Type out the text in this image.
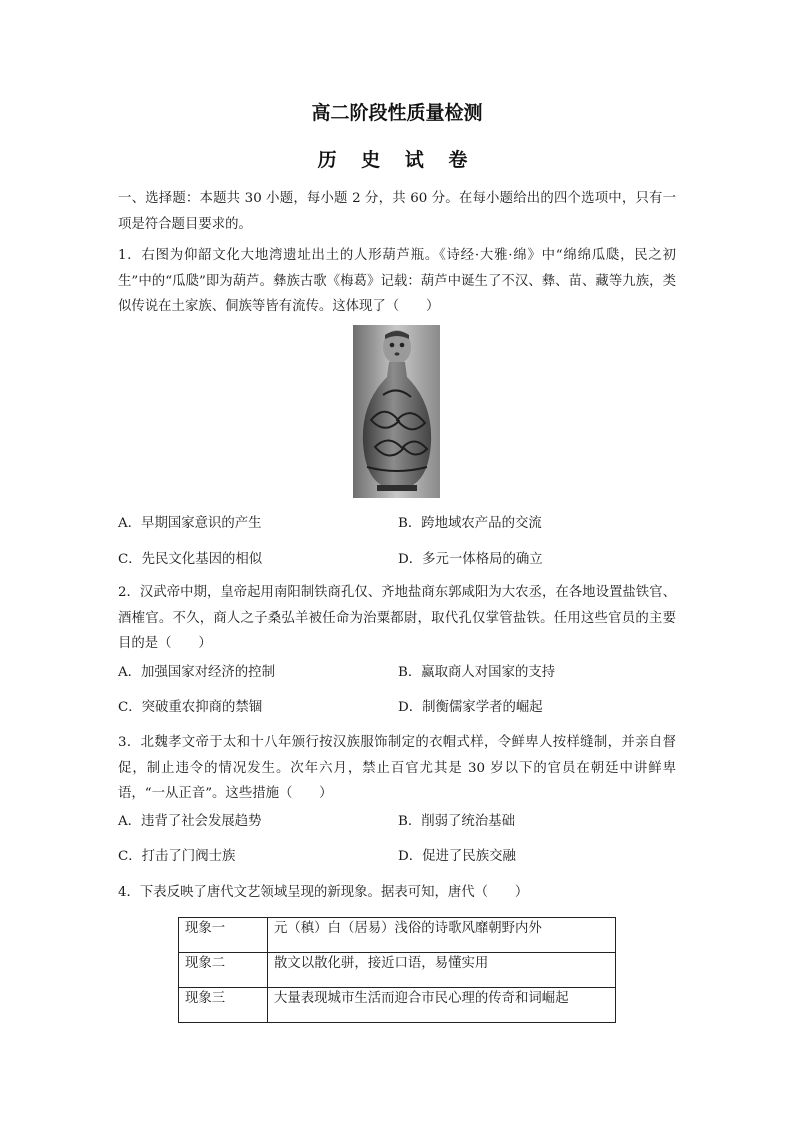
高二阶段性质量检测
历 史 试 卷
一、选择题：本题共 30 小题，每小题 2 分，共 60 分。在每小题给出的四个选项中，只有一项是符合题目要求的。
1．右图为仰韶文化大地湾遗址出土的人形葫芦瓶。《诗经·大雅·绵》中“绵绵瓜瓞，民之初生”中的“瓜瓞”即为葫芦。彝族古歌《梅葛》记载：葫芦中诞生了不汉、彝、苗、藏等九族，类似传说在土家族、侗族等皆有流传。这体现了（　　）
A．早期国家意识的产生	B．跨地域农产品的交流
C．先民文化基因的相似	D．多元一体格局的确立
2．汉武帝中期，皇帝起用南阳制铁商孔仅、齐地盐商东郭咸阳为大农丞，在各地设置盐铁官、酒榷官。不久，商人之子桑弘羊被任命为治粟都尉，取代孔仅掌管盐铁。任用这些官员的主要目的是（　　）
A．加强国家对经济的控制	B．赢取商人对国家的支持
C．突破重农抑商的禁锢	D．制衡儒家学者的崛起
3．北魏孝文帝于太和十八年颁行按汉族服饰制定的衣帽式样，令鲜卑人按样缝制，并亲自督促，制止违令的情况发生。次年六月，禁止百官尤其是 30 岁以下的官员在朝廷中讲鲜卑语，“一从正音”。这些措施（　　）
A．违背了社会发展趋势	B．削弱了统治基础
C．打击了门阀士族	D．促进了民族交融
4．下表反映了唐代文艺领域呈现的新现象。据表可知，唐代（　　）
现象一	元（稹）白（居易）浅俗的诗歌风靡朝野内外
现象二	散文以散化骈，接近口语，易懂实用
现象三	大量表现城市生活而迎合市民心理的传奇和词崛起
